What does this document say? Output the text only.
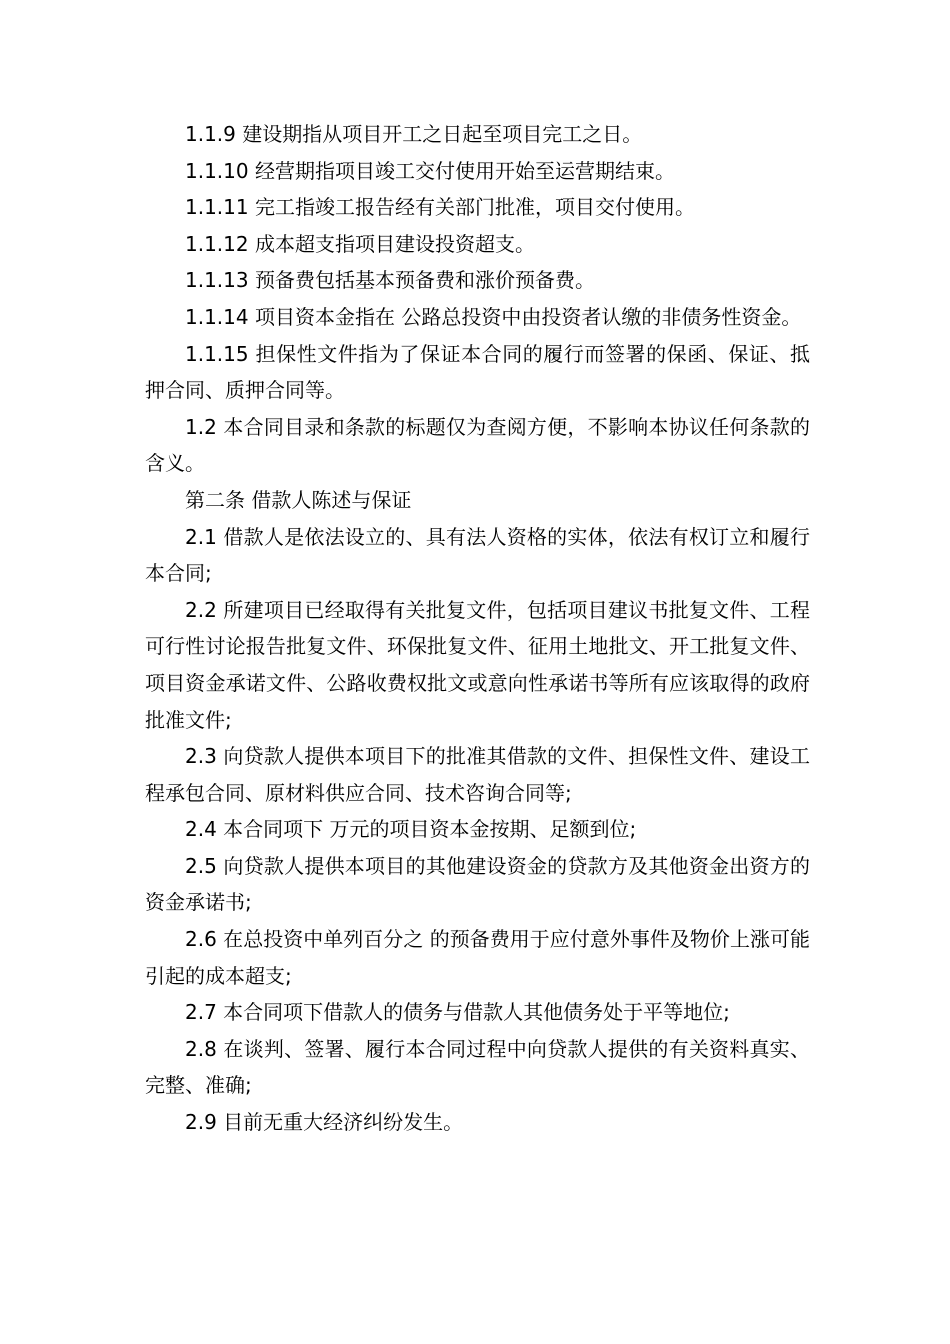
1.1.9 建设期指从项目开工之日起至项目完工之日。

1.1.10 经营期指项目竣工交付使用开始至运营期结束。

1.1.11 完工指竣工报告经有关部门批准，项目交付使用。

1.1.12 成本超支指项目建设投资超支。

1.1.13 预备费包括基本预备费和涨价预备费。

1.1.14 项目资本金指在 公路总投资中由投资者认缴的非债务性资金。

1.1.15 担保性文件指为了保证本合同的履行而签署的保函、保证、抵押合同、质押合同等。

1.2 本合同目录和条款的标题仅为查阅方便，不影响本协议任何条款的含义。

第二条 借款人陈述与保证

2.1 借款人是依法设立的、具有法人资格的实体，依法有权订立和履行本合同;

2.2 所建项目已经取得有关批复文件，包括项目建议书批复文件、工程可行性讨论报告批复文件、环保批复文件、征用土地批文、开工批复文件、项目资金承诺文件、公路收费权批文或意向性承诺书等所有应该取得的政府批准文件;

2.3 向贷款人提供本项目下的批准其借款的文件、担保性文件、建设工程承包合同、原材料供应合同、技术咨询合同等;

2.4 本合同项下 万元的项目资本金按期、足额到位;

2.5 向贷款人提供本项目的其他建设资金的贷款方及其他资金出资方的资金承诺书;

2.6 在总投资中单列百分之 的预备费用于应付意外事件及物价上涨可能引起的成本超支;

2.7 本合同项下借款人的债务与借款人其他债务处于平等地位;

2.8 在谈判、签署、履行本合同过程中向贷款人提供的有关资料真实、完整、准确;

2.9 目前无重大经济纠纷发生。
